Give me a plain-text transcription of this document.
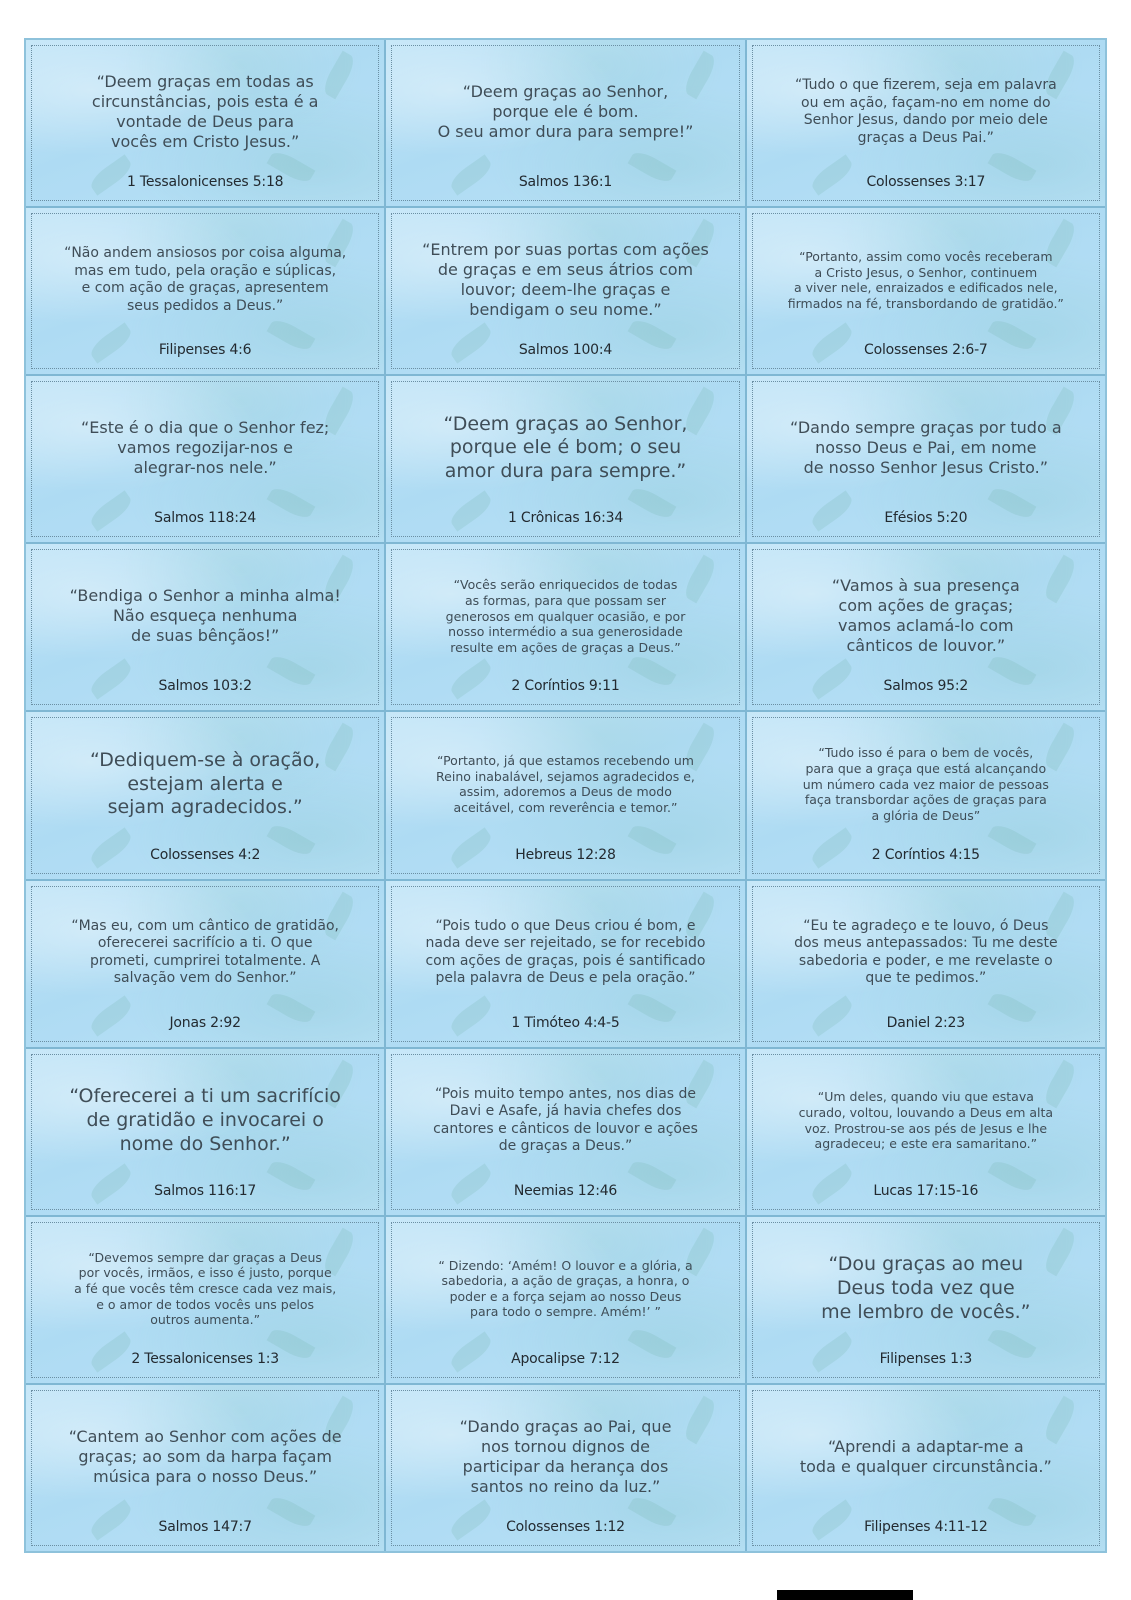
“Deem graças em todas as
circunstâncias, pois esta é a
vontade de Deus para
vocês em Cristo Jesus.”
1 Tessalonicenses 5:18
“Deem graças ao Senhor,
porque ele é bom.
O seu amor dura para sempre!”
Salmos 136:1
“Tudo o que fizerem, seja em palavra
ou em ação, façam-no em nome do
Senhor Jesus, dando por meio dele
graças a Deus Pai.”
Colossenses 3:17
“Não andem ansiosos por coisa alguma,
mas em tudo, pela oração e súplicas,
e com ação de graças, apresentem
seus pedidos a Deus.”
Filipenses 4:6
“Entrem por suas portas com ações
de graças e em seus átrios com
louvor; deem-lhe graças e
bendigam o seu nome.”
Salmos 100:4
“Portanto, assim como vocês receberam
a Cristo Jesus, o Senhor, continuem
a viver nele, enraizados e edificados nele,
firmados na fé, transbordando de gratidão.”
Colossenses 2:6-7
“Este é o dia que o Senhor fez;
vamos regozijar-nos e
alegrar-nos nele.”
Salmos 118:24
“Deem graças ao Senhor,
porque ele é bom; o seu
amor dura para sempre.”
1 Crônicas 16:34
“Dando sempre graças por tudo a
nosso Deus e Pai, em nome
de nosso Senhor Jesus Cristo.”
Efésios 5:20
“Bendiga o Senhor a minha alma!
Não esqueça nenhuma
de suas bênçãos!”
Salmos 103:2
“Vocês serão enriquecidos de todas
as formas, para que possam ser
generosos em qualquer ocasião, e por
nosso intermédio a sua generosidade
resulte em ações de graças a Deus.”
2 Coríntios 9:11
“Vamos à sua presença
com ações de graças;
vamos aclamá-lo com
cânticos de louvor.”
Salmos 95:2
“Dediquem-se à oração,
estejam alerta e
sejam agradecidos.”
Colossenses 4:2
“Portanto, já que estamos recebendo um
Reino inabalável, sejamos agradecidos e,
assim, adoremos a Deus de modo
aceitável, com reverência e temor.”
Hebreus 12:28
“Tudo isso é para o bem de vocês,
para que a graça que está alcançando
um número cada vez maior de pessoas
faça transbordar ações de graças para
a glória de Deus”
2 Coríntios 4:15
“Mas eu, com um cântico de gratidão,
oferecerei sacrifício a ti. O que
prometi, cumprirei totalmente. A
salvação vem do Senhor.”
Jonas 2:92
“Pois tudo o que Deus criou é bom, e
nada deve ser rejeitado, se for recebido
com ações de graças, pois é santificado
pela palavra de Deus e pela oração.”
1 Timóteo 4:4-5
“Eu te agradeço e te louvo, ó Deus
dos meus antepassados: Tu me deste
sabedoria e poder, e me revelaste o
que te pedimos.”
Daniel 2:23
“Oferecerei a ti um sacrifício
de gratidão e invocarei o
nome do Senhor.”
Salmos 116:17
“Pois muito tempo antes, nos dias de
Davi e Asafe, já havia chefes dos
cantores e cânticos de louvor e ações
de graças a Deus.”
Neemias 12:46
“Um deles, quando viu que estava
curado, voltou, louvando a Deus em alta
voz. Prostrou-se aos pés de Jesus e lhe
agradeceu; e este era samaritano.”
Lucas 17:15-16
“Devemos sempre dar graças a Deus
por vocês, irmãos, e isso é justo, porque
a fé que vocês têm cresce cada vez mais,
e o amor de todos vocês uns pelos
outros aumenta.”
2 Tessalonicenses 1:3
“ Dizendo: ‘Amém! O louvor e a glória, a
sabedoria, a ação de graças, a honra, o
poder e a força sejam ao nosso Deus
para todo o sempre. Amém!’ ”
Apocalipse 7:12
“Dou graças ao meu
Deus toda vez que
me lembro de vocês.”
Filipenses 1:3
“Cantem ao Senhor com ações de
graças; ao som da harpa façam
música para o nosso Deus.”
Salmos 147:7
“Dando graças ao Pai, que
nos tornou dignos de
participar da herança dos
santos no reino da luz.”
Colossenses 1:12
“Aprendi a adaptar-me a
toda e qualquer circunstância.”
Filipenses 4:11-12
